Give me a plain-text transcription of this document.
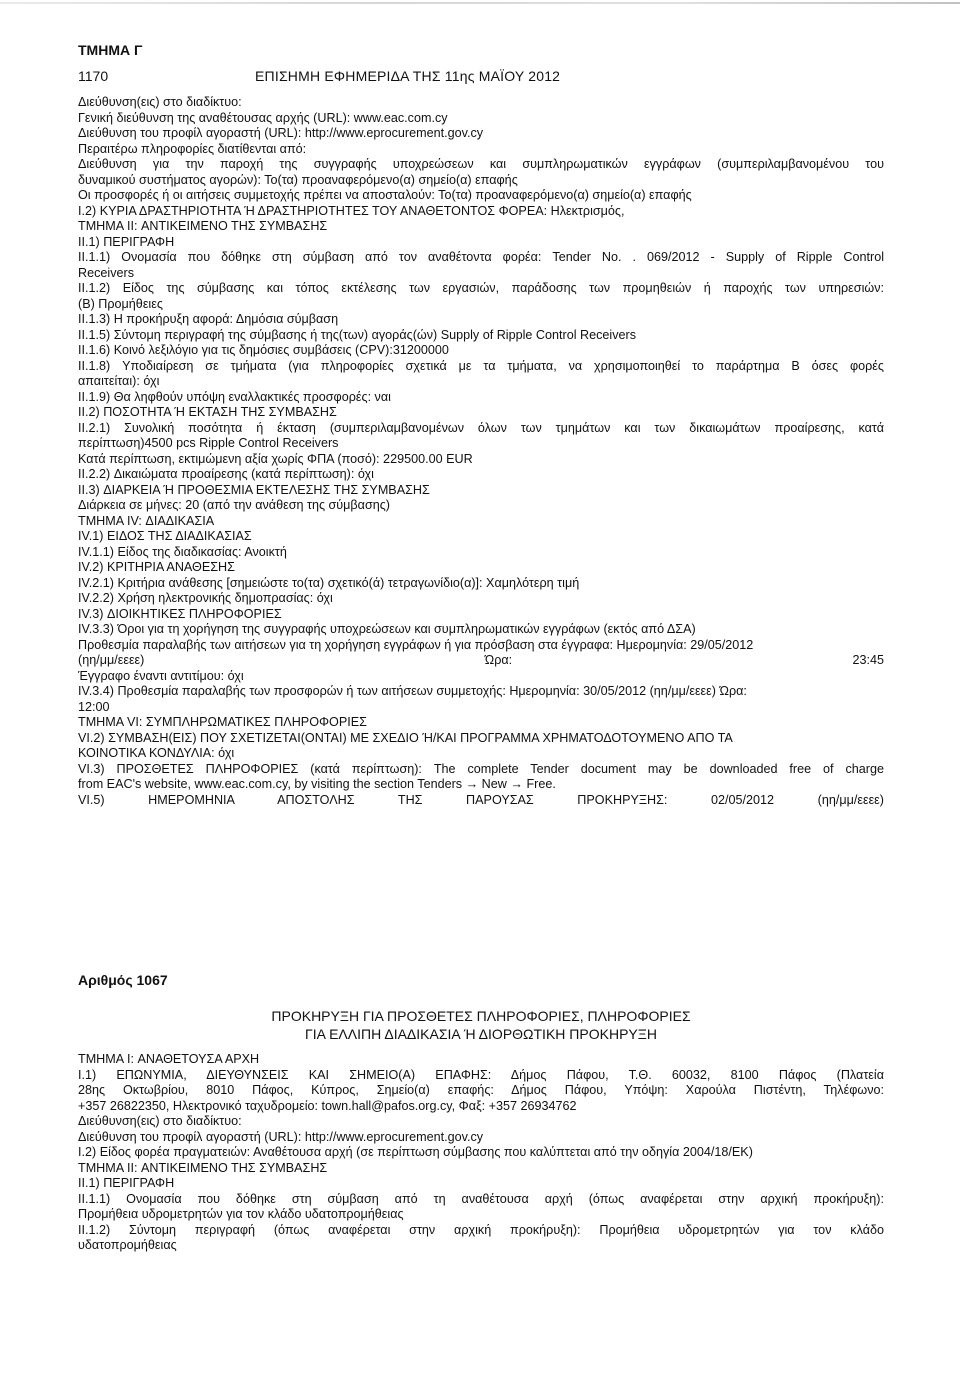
ΤΜΗΜΑ Γ
1170	ΕΠΙΣΗΜΗ ΕΦΗΜΕΡΙΔΑ ΤΗΣ 11ης ΜΑΪΟΥ 2012
Διεύθυνση(εις) στο διαδίκτυο:
Γενική διεύθυνση της αναθέτουσας αρχής (URL): www.eac.com.cy
Διεύθυνση του προφίλ αγοραστή (URL): http://www.eprocurement.gov.cy
Περαιτέρω πληροφορίες διατίθενται από:
Διεύθυνση για την παροχή της συγγραφής υποχρεώσεων και συμπληρωματικών εγγράφων (συμπεριλαμβανομένου του
δυναμικού συστήματος αγορών): Το(τα) προαναφερόμενο(α) σημείο(α) επαφής
Οι προσφορές ή οι αιτήσεις συμμετοχής πρέπει να αποσταλούν: Το(τα) προαναφερόμενο(α) σημείο(α) επαφής
I.2) ΚΥΡΙΑ ΔΡΑΣΤΗΡΙΟΤΗΤΑ Ή ΔΡΑΣΤΗΡΙΟΤΗΤΕΣ ΤΟΥ ΑΝΑΘΕΤΟΝΤΟΣ ΦΟΡΕΑ: Ηλεκτρισμός,
ΤΜΗΜΑ II: ΑΝΤΙΚΕΙΜΕΝΟ ΤΗΣ ΣΥΜΒΑΣΗΣ
II.1) ΠΕΡΙΓΡΑΦΗ
II.1.1) Ονομασία που δόθηκε στη σύμβαση από τον αναθέτοντα φορέα: Tender No. . 069/2012 - Supply of Ripple Control
Receivers
II.1.2) Είδος της σύμβασης και τόπος εκτέλεσης των εργασιών, παράδοσης των προμηθειών ή παροχής των υπηρεσιών:
(Β) Προμήθειες
II.1.3) Η προκήρυξη αφορά: Δημόσια σύμβαση
II.1.5) Σύντομη περιγραφή της σύμβασης ή της(των) αγοράς(ών) Supply of Ripple Control Receivers
II.1.6) Κοινό λεξιλόγιο για τις δημόσιες συμβάσεις (CPV):31200000
II.1.8) Υποδιαίρεση σε τμήματα (για πληροφορίες σχετικά με τα τμήματα, να χρησιμοποιηθεί το παράρτημα Β όσες φορές
απαιτείται): όχι
II.1.9) Θα ληφθούν υπόψη εναλλακτικές προσφορές: ναι
II.2) ΠΟΣΟΤΗΤΑ Ή ΕΚΤΑΣΗ ΤΗΣ ΣΥΜΒΑΣΗΣ
II.2.1) Συνολική ποσότητα ή έκταση (συμπεριλαμβανομένων όλων των τμημάτων και των δικαιωμάτων προαίρεσης, κατά
περίπτωση)4500 pcs Ripple Control Receivers
Κατά περίπτωση, εκτιμώμενη αξία χωρίς ΦΠΑ (ποσό): 229500.00 EUR
II.2.2) Δικαιώματα προαίρεσης (κατά περίπτωση): όχι
II.3) ΔΙΑΡΚΕΙΑ Ή ΠΡΟΘΕΣΜΙΑ ΕΚΤΕΛΕΣΗΣ ΤΗΣ ΣΥΜΒΑΣΗΣ
Διάρκεια σε μήνες: 20 (από την ανάθεση της σύμβασης)
ΤΜΗΜΑ IV: ΔΙΑΔΙΚΑΣΙΑ
IV.1) ΕΙΔΟΣ ΤΗΣ ΔΙΑΔΙΚΑΣΙΑΣ
IV.1.1) Είδος της διαδικασίας: Ανοικτή
IV.2) ΚΡΙΤΗΡΙΑ ΑΝΑΘΕΣΗΣ
IV.2.1) Κριτήρια ανάθεσης [σημειώστε το(τα) σχετικό(ά) τετραγωνίδιο(α)]: Χαμηλότερη τιμή
IV.2.2) Χρήση ηλεκτρονικής δημοπρασίας: όχι
IV.3) ΔΙΟΙΚΗΤΙΚΕΣ ΠΛΗΡΟΦΟΡΙΕΣ
IV.3.3) Όροι για τη χορήγηση της συγγραφής υποχρεώσεων και συμπληρωματικών εγγράφων (εκτός από ΔΣΑ)
Προθεσμία παραλαβής των αιτήσεων για τη χορήγηση εγγράφων ή για πρόσβαση στα έγγραφα: Ημερομηνία: 29/05/2012
(ηη/μμ/εεεε) Ώρα: 23:45
Έγγραφο έναντι αντιτίμου: όχι
IV.3.4) Προθεσμία παραλαβής των προσφορών ή των αιτήσεων συμμετοχής: Ημερομηνία: 30/05/2012 (ηη/μμ/εεεε) Ώρα:
12:00
ΤΜΗΜΑ VI: ΣΥΜΠΛΗΡΩΜΑΤΙΚΕΣ ΠΛΗΡΟΦΟΡΙΕΣ
VI.2) ΣΥΜΒΑΣΗ(ΕΙΣ) ΠΟΥ ΣΧΕΤΙΖΕΤΑΙ(ΟΝΤΑΙ) ΜΕ ΣΧΕΔΙΟ Ή/ΚΑΙ ΠΡΟΓΡΑΜΜΑ ΧΡΗΜΑΤΟΔΟΤΟΥΜΕΝΟ ΑΠΟ ΤΑ
ΚΟΙΝΟΤΙΚΑ ΚΟΝΔΥΛΙΑ: όχι
VI.3) ΠΡΟΣΘΕΤΕΣ ΠΛΗΡΟΦΟΡΙΕΣ (κατά περίπτωση): The complete Tender document may be downloaded free of charge
from EAC's website, www.eac.com.cy, by visiting the section Tenders → New → Free.
VI.5) ΗΜΕΡΟΜΗΝΙΑ ΑΠΟΣΤΟΛΗΣ ΤΗΣ ΠΑΡΟΥΣΑΣ ΠΡΟΚΗΡΥΞΗΣ: 02/05/2012 (ηη/μμ/εεεε)
Αριθμός 1067
ΠΡΟΚΗΡΥΞΗ ΓΙΑ ΠΡΟΣΘΕΤΕΣ ΠΛΗΡΟΦΟΡΙΕΣ, ΠΛΗΡΟΦΟΡΙΕΣ
ΓΙΑ ΕΛΛΙΠΗ ΔΙΑΔΙΚΑΣΙΑ Ή ΔΙΟΡΘΩΤΙΚΗ ΠΡΟΚΗΡΥΞΗ
ΤΜΗΜΑ I: ΑΝΑΘΕΤΟΥΣΑ ΑΡΧΗ
I.1) ΕΠΩΝΥΜΙΑ, ΔΙΕΥΘΥΝΣΕΙΣ ΚΑΙ ΣΗΜΕΙΟ(Α) ΕΠΑΦΗΣ: Δήμος Πάφου, Τ.Θ. 60032, 8100 Πάφος (Πλατεία
28ης Οκτωβρίου, 8010 Πάφος, Κύπρος, Σημείο(α) επαφής: Δήμος Πάφου, Υπόψη: Χαρούλα Πιστέντη, Τηλέφωνο:
+357 26822350, Ηλεκτρονικό ταχυδρομείο: town.hall@pafos.org.cy, Φαξ: +357 26934762
Διεύθυνση(εις) στο διαδίκτυο:
Διεύθυνση του προφίλ αγοραστή (URL): http://www.eprocurement.gov.cy
I.2) Είδος φορέα πραγματειών: Αναθέτουσα αρχή (σε περίπτωση σύμβασης που καλύπτεται από την οδηγία 2004/18/ΕΚ)
ΤΜΗΜΑ II: ΑΝΤΙΚΕΙΜΕΝΟ ΤΗΣ ΣΥΜΒΑΣΗΣ
II.1) ΠΕΡΙΓΡΑΦΗ
II.1.1) Ονομασία που δόθηκε στη σύμβαση από τη αναθέτουσα αρχή (όπως αναφέρεται στην αρχική προκήρυξη):
Προμήθεια υδρομετρητών για τον κλάδο υδατοπρομήθειας
II.1.2) Σύντομη περιγραφή (όπως αναφέρεται στην αρχική προκήρυξη): Προμήθεια υδρομετρητών για τον κλάδο
υδατοπρομήθειας
